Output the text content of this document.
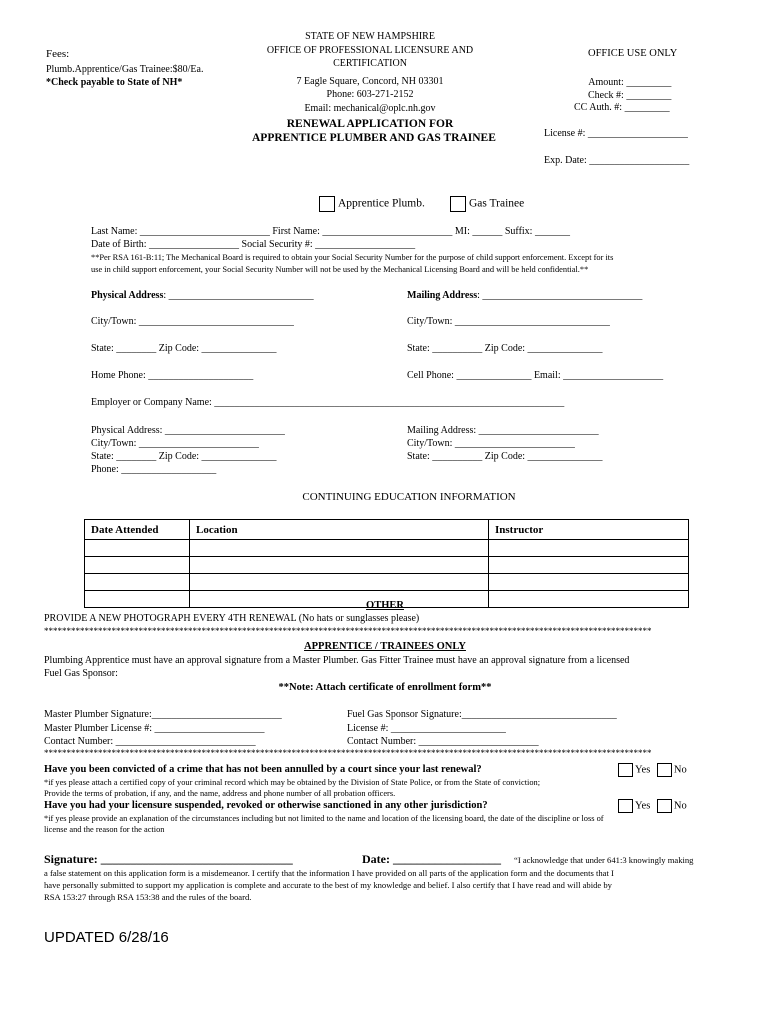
Fees:
Plumb.Apprentice/Gas Trainee:$80/Ea.
*Check payable to State of NH*
STATE OF NEW HAMPSHIRE
OFFICE OF PROFESSIONAL LICENSURE AND
CERTIFICATION
7 Eagle Square, Concord, NH 03301
Phone: 603-271-2152
Email: mechanical@oplc.nh.gov
RENEWAL APPLICATION FOR
APPRENTICE PLUMBER AND GAS TRAINEE
OFFICE USE ONLY
Amount: _________
Check #: _________
CC Auth. #: _________
License #: ____________________
Exp. Date: ____________________
Apprentice Plumb.	Gas Trainee
Last Name: __________________________ First Name: __________________________ MI: ______ Suffix: _______
Date of Birth: __________________ Social Security #: ____________________
**Per RSA 161-B:11; The Mechanical Board is required to obtain your Social Security Number for the purpose of child support enforcement. Except for its
use in child support enforcement, your Social Security Number will not be used by the Mechanical Licensing Board and will be held confidential.**
Physical Address: _____________________________	Mailing Address: ________________________________
City/Town: _______________________________	City/Town: _______________________________
State: ________ Zip Code: _______________	State: __________ Zip Code: _______________
Home Phone: _____________________	Cell Phone: _______________ Email: ____________________
Employer or Company Name: ______________________________________________________________________
Physical Address: ________________________
City/Town: ________________________
State: ________ Zip Code: _______________
Phone: ___________________
Mailing Address: ________________________
City/Town: ________________________
State: __________ Zip Code: _______________
CONTINUING EDUCATION INFORMATION
Date Attended	Location	Instructor

OTHER
PROVIDE A NEW PHOTOGRAPH EVERY 4TH RENEWAL (No hats or sunglasses please)
***************************************************************************************************************************************
APPRENTICE / TRAINEES ONLY
Plumbing Apprentice must have an approval signature from a Master Plumber. Gas Fitter Trainee must have an approval signature from a licensed
Fuel Gas Sponsor:
**Note: Attach certificate of enrollment form**
Master Plumber Signature:__________________________
Master Plumber License #: ______________________
Contact Number: ____________________________
Fuel Gas Sponsor Signature:_______________________________
License #: _______________________
Contact Number: ________________________
***************************************************************************************************************************************
Have you been convicted of a crime that has not been annulled by a court since your last renewal?	Yes No
*if yes please attach a certified copy of your criminal record which may be obtained by the Division of State Police, or from the State of conviction;
Provide the terms of probation, if any, and the name, address and phone number of all probation officers.
Have you had your licensure suspended, revoked or otherwise sanctioned in any other jurisdiction?	Yes No
*if yes please provide an explanation of the circumstances including but not limited to the name and location of the licensing board, the date of the discipline or loss of
license and the reason for the action
Signature: ________________________________	Date: __________________ “I acknowledge that under 641:3 knowingly making
a false statement on this application form is a misdemeanor. I certify that the information I have provided on all parts of the application form and the documents that I
have personally submitted to support my application is complete and accurate to the best of my knowledge and belief. I also certify that I have read and will abide by
RSA 153:27 through RSA 153:38 and the rules of the board.
UPDATED 6/28/16
